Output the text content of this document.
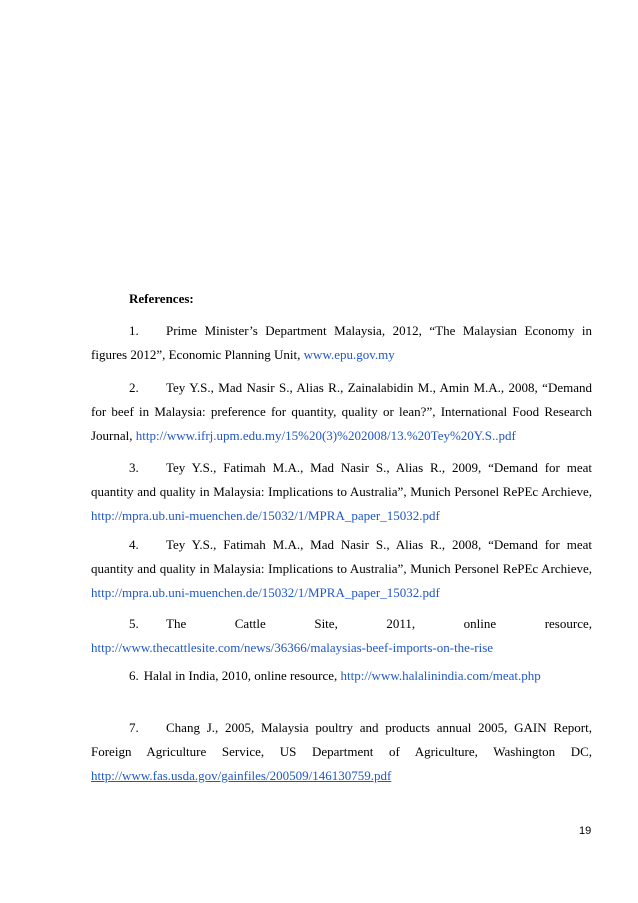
References:
1. Prime Minister’s Department Malaysia, 2012, “The Malaysian Economy in figures 2012”, Economic Planning Unit, www.epu.gov.my
2. Tey Y.S., Mad Nasir S., Alias R., Zainalabidin M., Amin M.A., 2008, “Demand for beef in Malaysia: preference for quantity, quality or lean?”, International Food Research Journal, http://www.ifrj.upm.edu.my/15%20(3)%202008/13.%20Tey%20Y.S..pdf
3. Tey Y.S., Fatimah M.A., Mad Nasir S., Alias R., 2009, “Demand for meat quantity and quality in Malaysia: Implications to Australia”, Munich Personel RePEc Archieve, http://mpra.ub.uni-muenchen.de/15032/1/MPRA_paper_15032.pdf
4. Tey Y.S., Fatimah M.A., Mad Nasir S., Alias R., 2008, “Demand for meat quantity and quality in Malaysia: Implications to Australia”, Munich Personel RePEc Archieve, http://mpra.ub.uni-muenchen.de/15032/1/MPRA_paper_15032.pdf
5. The Cattle Site, 2011, online resource, http://www.thecattlesite.com/news/36366/malaysias-beef-imports-on-the-rise
6. Halal in India, 2010, online resource, http://www.halalinindia.com/meat.php
7. Chang J., 2005, Malaysia poultry and products annual 2005, GAIN Report, Foreign Agriculture Service, US Department of Agriculture, Washington DC, http://www.fas.usda.gov/gainfiles/200509/146130759.pdf
19
